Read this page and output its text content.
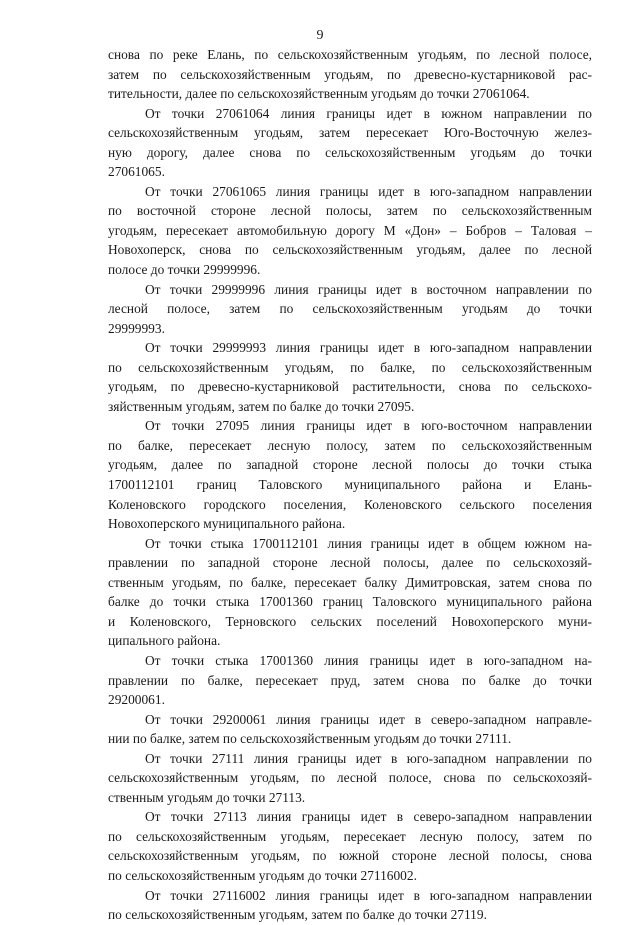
9
снова по реке Елань, по сельскохозяйственным угодьям, по лесной полосе,
затем по сельскохозяйственным угодьям, по древесно-кустарниковой рас-
тительности, далее по сельскохозяйственным угодьям до точки 27061064.
От точки 27061064 линия границы идет в южном направлении по
сельскохозяйственным угодьям, затем пересекает Юго-Восточную желез-
ную дорогу, далее снова по сельскохозяйственным угодьям до точки
27061065.
От точки 27061065 линия границы идет в юго-западном направлении
по восточной стороне лесной полосы, затем по сельскохозяйственным
угодьям, пересекает автомобильную дорогу М «Дон» – Бобров – Таловая –
Новохоперск, снова по сельскохозяйственным угодьям, далее по лесной
полосе до точки 29999996.
От точки 29999996 линия границы идет в восточном направлении по
лесной полосе, затем по сельскохозяйственным угодьям до точки
29999993.
От точки 29999993 линия границы идет в юго-западном направлении
по сельскохозяйственным угодьям, по балке, по сельскохозяйственным
угодьям, по древесно-кустарниковой растительности, снова по сельскохо-
зяйственным угодьям, затем по балке до точки 27095.
От точки 27095 линия границы идет в юго-восточном направлении
по балке, пересекает лесную полосу, затем по сельскохозяйственным
угодьям, далее по западной стороне лесной полосы до точки стыка
1700112101 границ Таловского муниципального района и Елань-
Коленовского городского поселения, Коленовского сельского поселения
Новохоперского муниципального района.
От точки стыка 1700112101 линия границы идет в общем южном на-
правлении по западной стороне лесной полосы, далее по сельскохозяй-
ственным угодьям, по балке, пересекает балку Димитровская, затем снова по
балке до точки стыка 17001360 границ Таловского муниципального района
и Коленовского, Терновского сельских поселений Новохоперского муни-
ципального района.
От точки стыка 17001360 линия границы идет в юго-западном на-
правлении по балке, пересекает пруд, затем снова по балке до точки
29200061.
От точки 29200061 линия границы идет в северо-западном направле-
нии по балке, затем по сельскохозяйственным угодьям до точки 27111.
От точки 27111 линия границы идет в юго-западном направлении по
сельскохозяйственным угодьям, по лесной полосе, снова по сельскохозяй-
ственным угодьям до точки 27113.
От точки 27113 линия границы идет в северо-западном направлении
по сельскохозяйственным угодьям, пересекает лесную полосу, затем по
сельскохозяйственным угодьям, по южной стороне лесной полосы, снова
по сельскохозяйственным угодьям до точки 27116002.
От точки 27116002 линия границы идет в юго-западном направлении
по сельскохозяйственным угодьям, затем по балке до точки 27119.
